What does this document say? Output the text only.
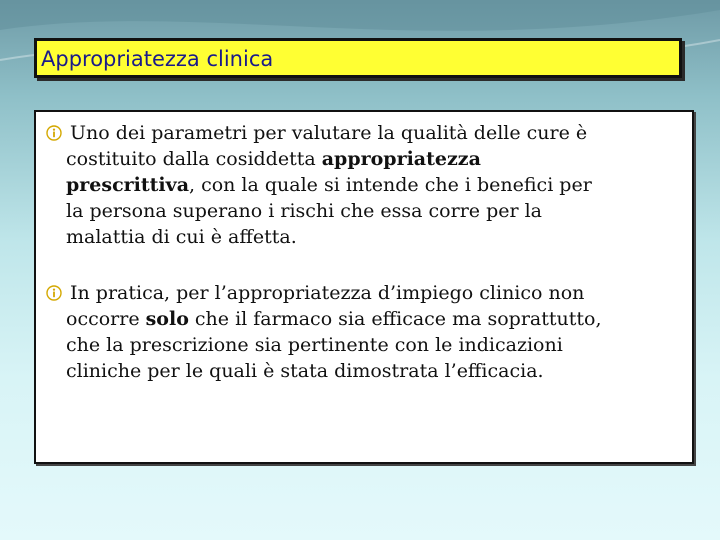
Appropriatezza clinica
Uno dei parametri per valutare la qualità delle cure è
costituito dalla cosiddetta appropriatezza
prescrittiva, con la quale si intende che i benefici per
la persona superano i rischi che essa corre per la
malattia di cui è affetta.
In pratica, per l’appropriatezza d’impiego clinico non
occorre solo che il farmaco sia efficace ma soprattutto,
che la prescrizione sia pertinente con le indicazioni
cliniche per le quali è stata dimostrata l’efficacia.
